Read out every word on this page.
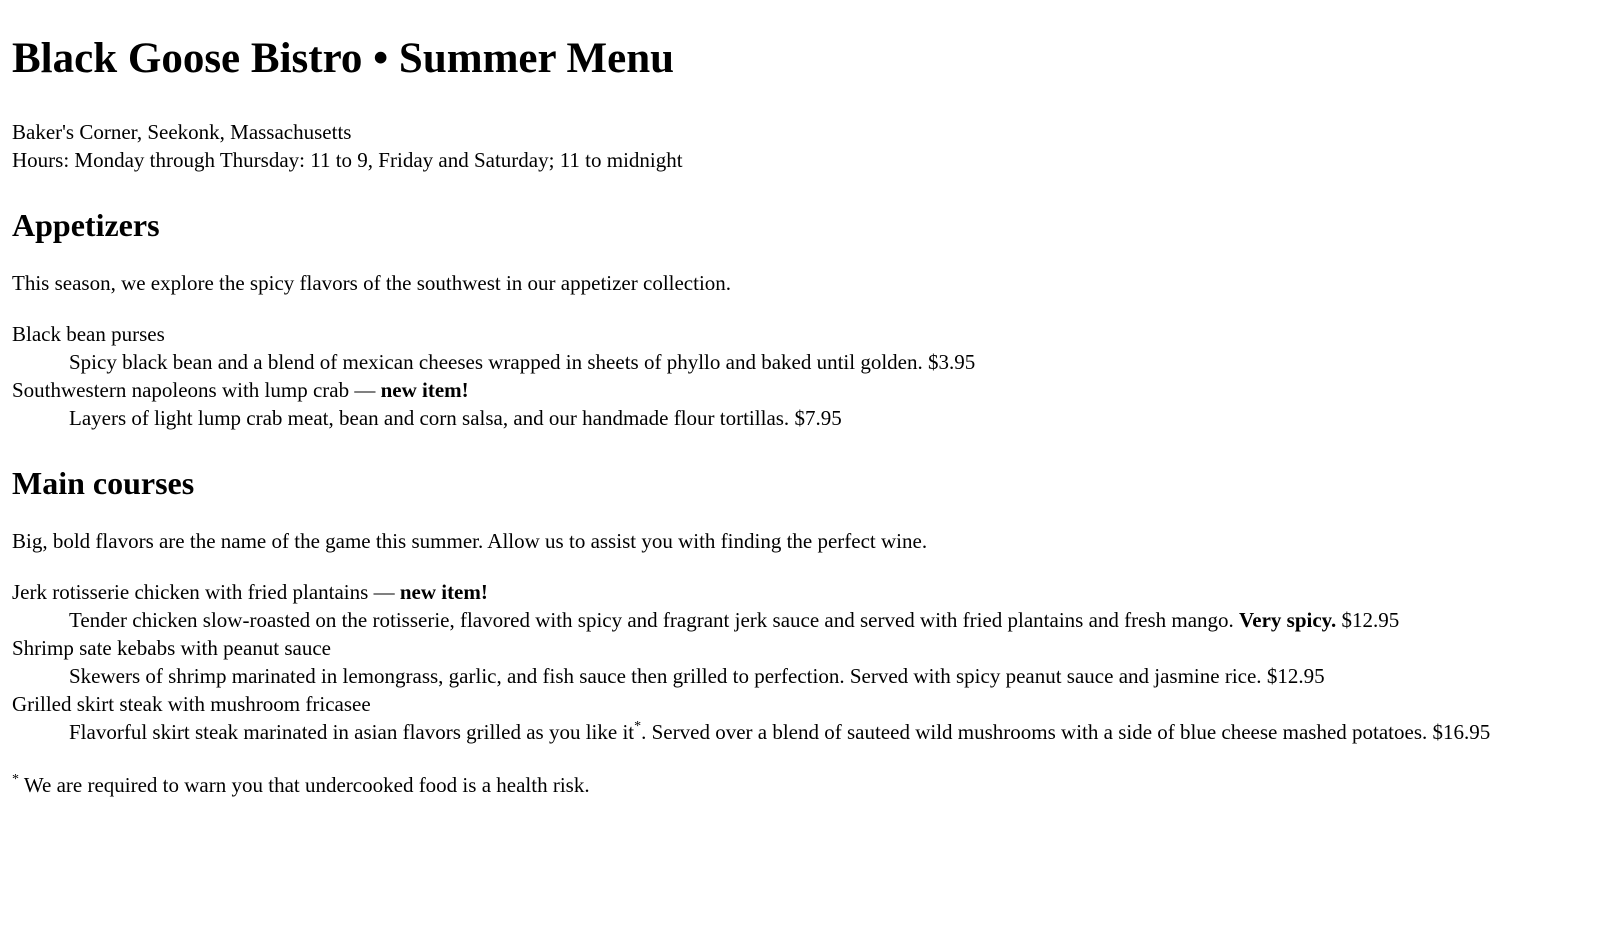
Black Goose Bistro • Summer Menu

Baker's Corner, Seekonk, Massachusetts
Hours: Monday through Thursday: 11 to 9, Friday and Saturday; 11 to midnight

Appetizers

This season, we explore the spicy flavors of the southwest in our appetizer collection.

Black bean purses
Spicy black bean and a blend of mexican cheeses wrapped in sheets of phyllo and baked until golden. $3.95
Southwestern napoleons with lump crab — new item!
Layers of light lump crab meat, bean and corn salsa, and our handmade flour tortillas. $7.95
Main courses

Big, bold flavors are the name of the game this summer. Allow us to assist you with finding the perfect wine.

Jerk rotisserie chicken with fried plantains — new item!
Tender chicken slow-roasted on the rotisserie, flavored with spicy and fragrant jerk sauce and served with fried plantains and fresh mango. Very spicy. $12.95
Shrimp sate kebabs with peanut sauce
Skewers of shrimp marinated in lemongrass, garlic, and fish sauce then grilled to perfection. Served with spicy peanut sauce and jasmine rice. $12.95
Grilled skirt steak with mushroom fricasee
Flavorful skirt steak marinated in asian flavors grilled as you like it*. Served over a blend of sauteed wild mushrooms with a side of blue cheese mashed potatoes. $16.95

* We are required to warn you that undercooked food is a health risk.
